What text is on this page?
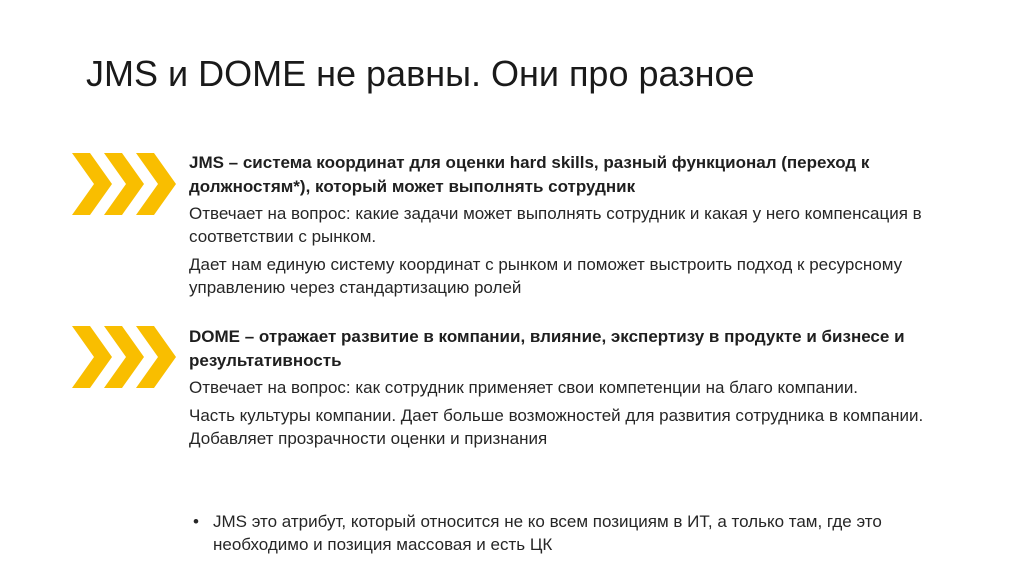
JMS и DOME не равны. Они про разное

JMS – система координат для оценки hard skills, разный функционал (переход к должностям*), который может выполнять сотрудник

Отвечает на вопрос: какие задачи может выполнять сотрудник и какая у него компенсация в соответствии с рынком.

Дает нам единую систему координат с рынком и поможет выстроить подход к ресурсному управлению через стандартизацию ролей

DOME – отражает развитие в компании, влияние, экспертизу в продукте и бизнесе и результативность

Отвечает на вопрос: как сотрудник применяет свои компетенции на благо компании.

Часть культуры компании. Дает больше возможностей для развития сотрудника в компании. Добавляет прозрачности оценки и признания

• JMS это атрибут, который относится не ко всем позициям в ИТ, а только там, где это необходимо и позиция массовая и есть ЦК
